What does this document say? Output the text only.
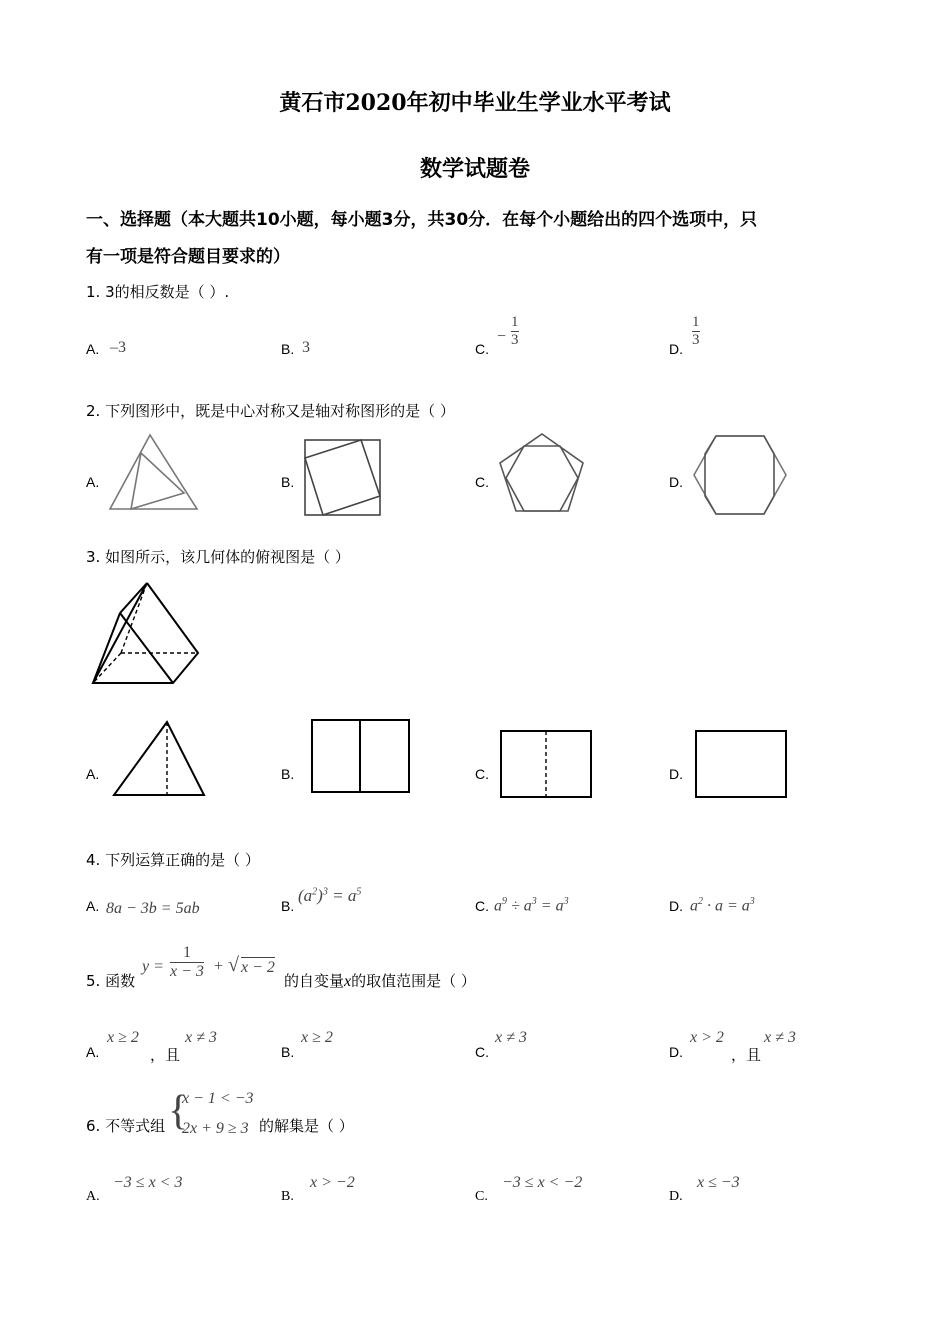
黄石市2020年初中毕业生学业水平考试
数学试题卷
一、选择题（本大题共10小题，每小题3分，共30分．在每个小题给出的四个选项中，只
有一项是符合题目要求的）
1. 3的相反数是（ ）.
A. –3	B. 3	C.
− $\frac{1}{3}$	D. $\frac{1}{3}$
2. 下列图形中，既是中心对称又是轴对称图形的是（ ）
A.	B.	C.	D.
3. 如图所示，该几何体的俯视图是（ ）
A.	B.	C.	D.
4. 下列运算正确的是（ ）
A. 8a − 3b = 5ab	B.
$(a^2)^3 = a^5$
C. $a^9 \div a^3 = a^3$	D. $a^2 \cdot a = a^3$
5. 函数
$y = \frac{1}{x - 3}$ + √ x − 2
的自变量x的取值范围是（ ）
A.
x ≥ 2
，且
x ≠ 3
B.
x ≥ 2
C.
x ≠ 3
D.
x > 2
，且
x ≠ 3
6. 不等式组 {
x − 1 < −3
2x + 9 ≥ 3 的解集是（ ）
A.
−3 ≤ x < 3
B.
x > −2
C.
−3 ≤ x < −2
D.
x ≤ −3
